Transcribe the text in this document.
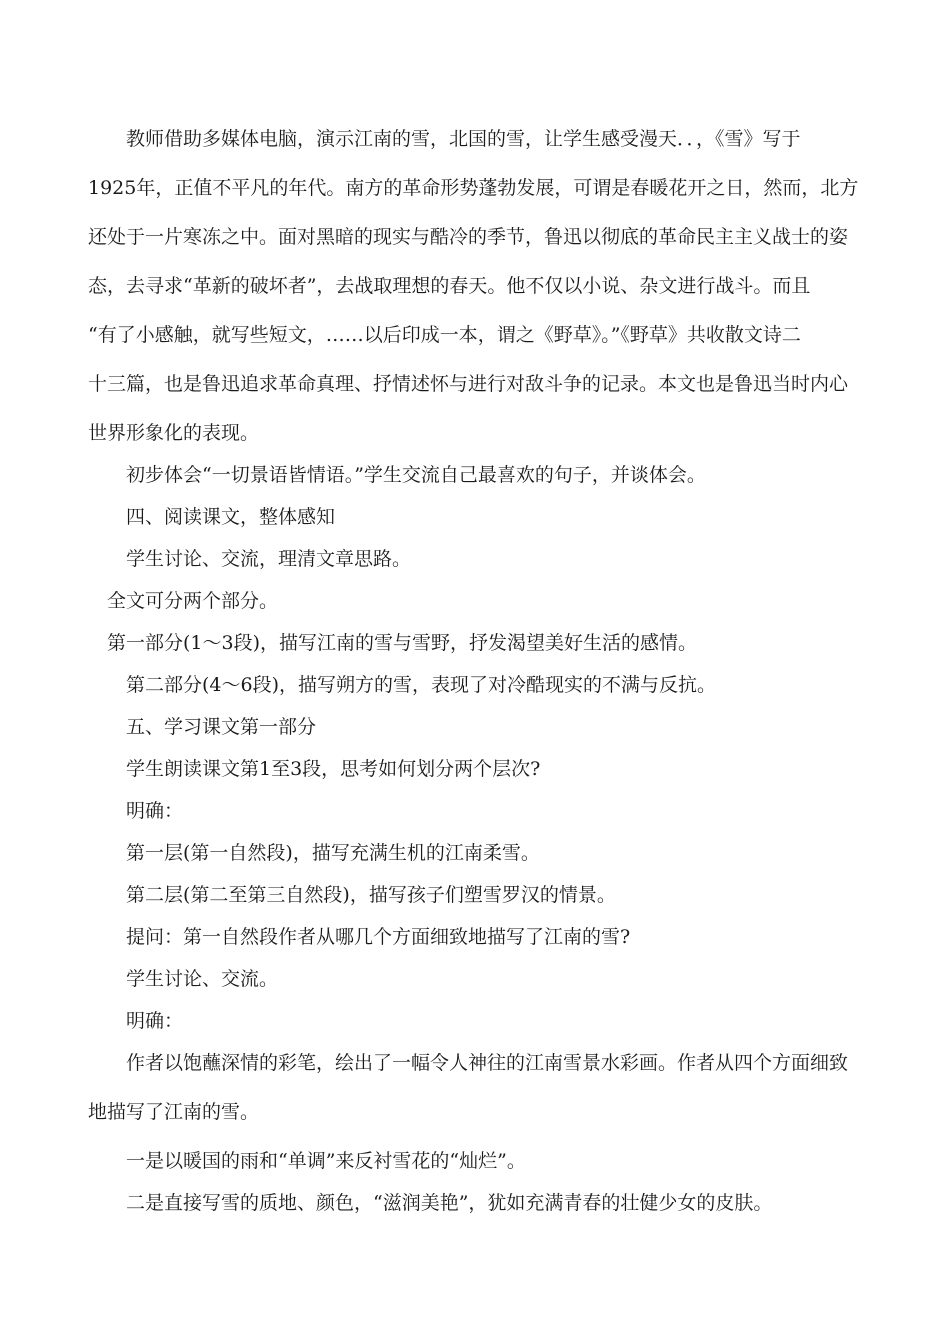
教师借助多媒体电脑，演示江南的雪，北国的雪，让学生感受漫天．．，《雪》写于
1925年，正值不平凡的年代。南方的革命形势蓬勃发展，可谓是春暖花开之日，然而，北方
还处于一片寒冻之中。面对黑暗的现实与酷冷的季节，鲁迅以彻底的革命民主主义战士的姿
态，去寻求“革新的破坏者”，去战取理想的春天。他不仅以小说、杂文进行战斗。而且
“有了小感触，就写些短文，……以后印成一本，谓之《野草》。”《野草》共收散文诗二
十三篇，也是鲁迅追求革命真理、抒情述怀与进行对敌斗争的记录。本文也是鲁迅当时内心
世界形象化的表现。
初步体会“一切景语皆情语。”学生交流自己最喜欢的句子，并谈体会。
四、阅读课文，整体感知
学生讨论、交流，理清文章思路。
全文可分两个部分。
第一部分(1～3段)，描写江南的雪与雪野，抒发渴望美好生活的感情。
第二部分(4～6段)，描写朔方的雪，表现了对冷酷现实的不满与反抗。
五、学习课文第一部分
学生朗读课文第1至3段，思考如何划分两个层次?
明确：
第一层(第一自然段)，描写充满生机的江南柔雪。
第二层(第二至第三自然段)，描写孩子们塑雪罗汉的情景。
提问：第一自然段作者从哪几个方面细致地描写了江南的雪?
学生讨论、交流。
明确：
作者以饱蘸深情的彩笔，绘出了一幅令人神往的江南雪景水彩画。作者从四个方面细致
地描写了江南的雪。
一是以暖国的雨和“单调”来反衬雪花的“灿烂”。
二是直接写雪的质地、颜色，“滋润美艳”，犹如充满青春的壮健少女的皮肤。
